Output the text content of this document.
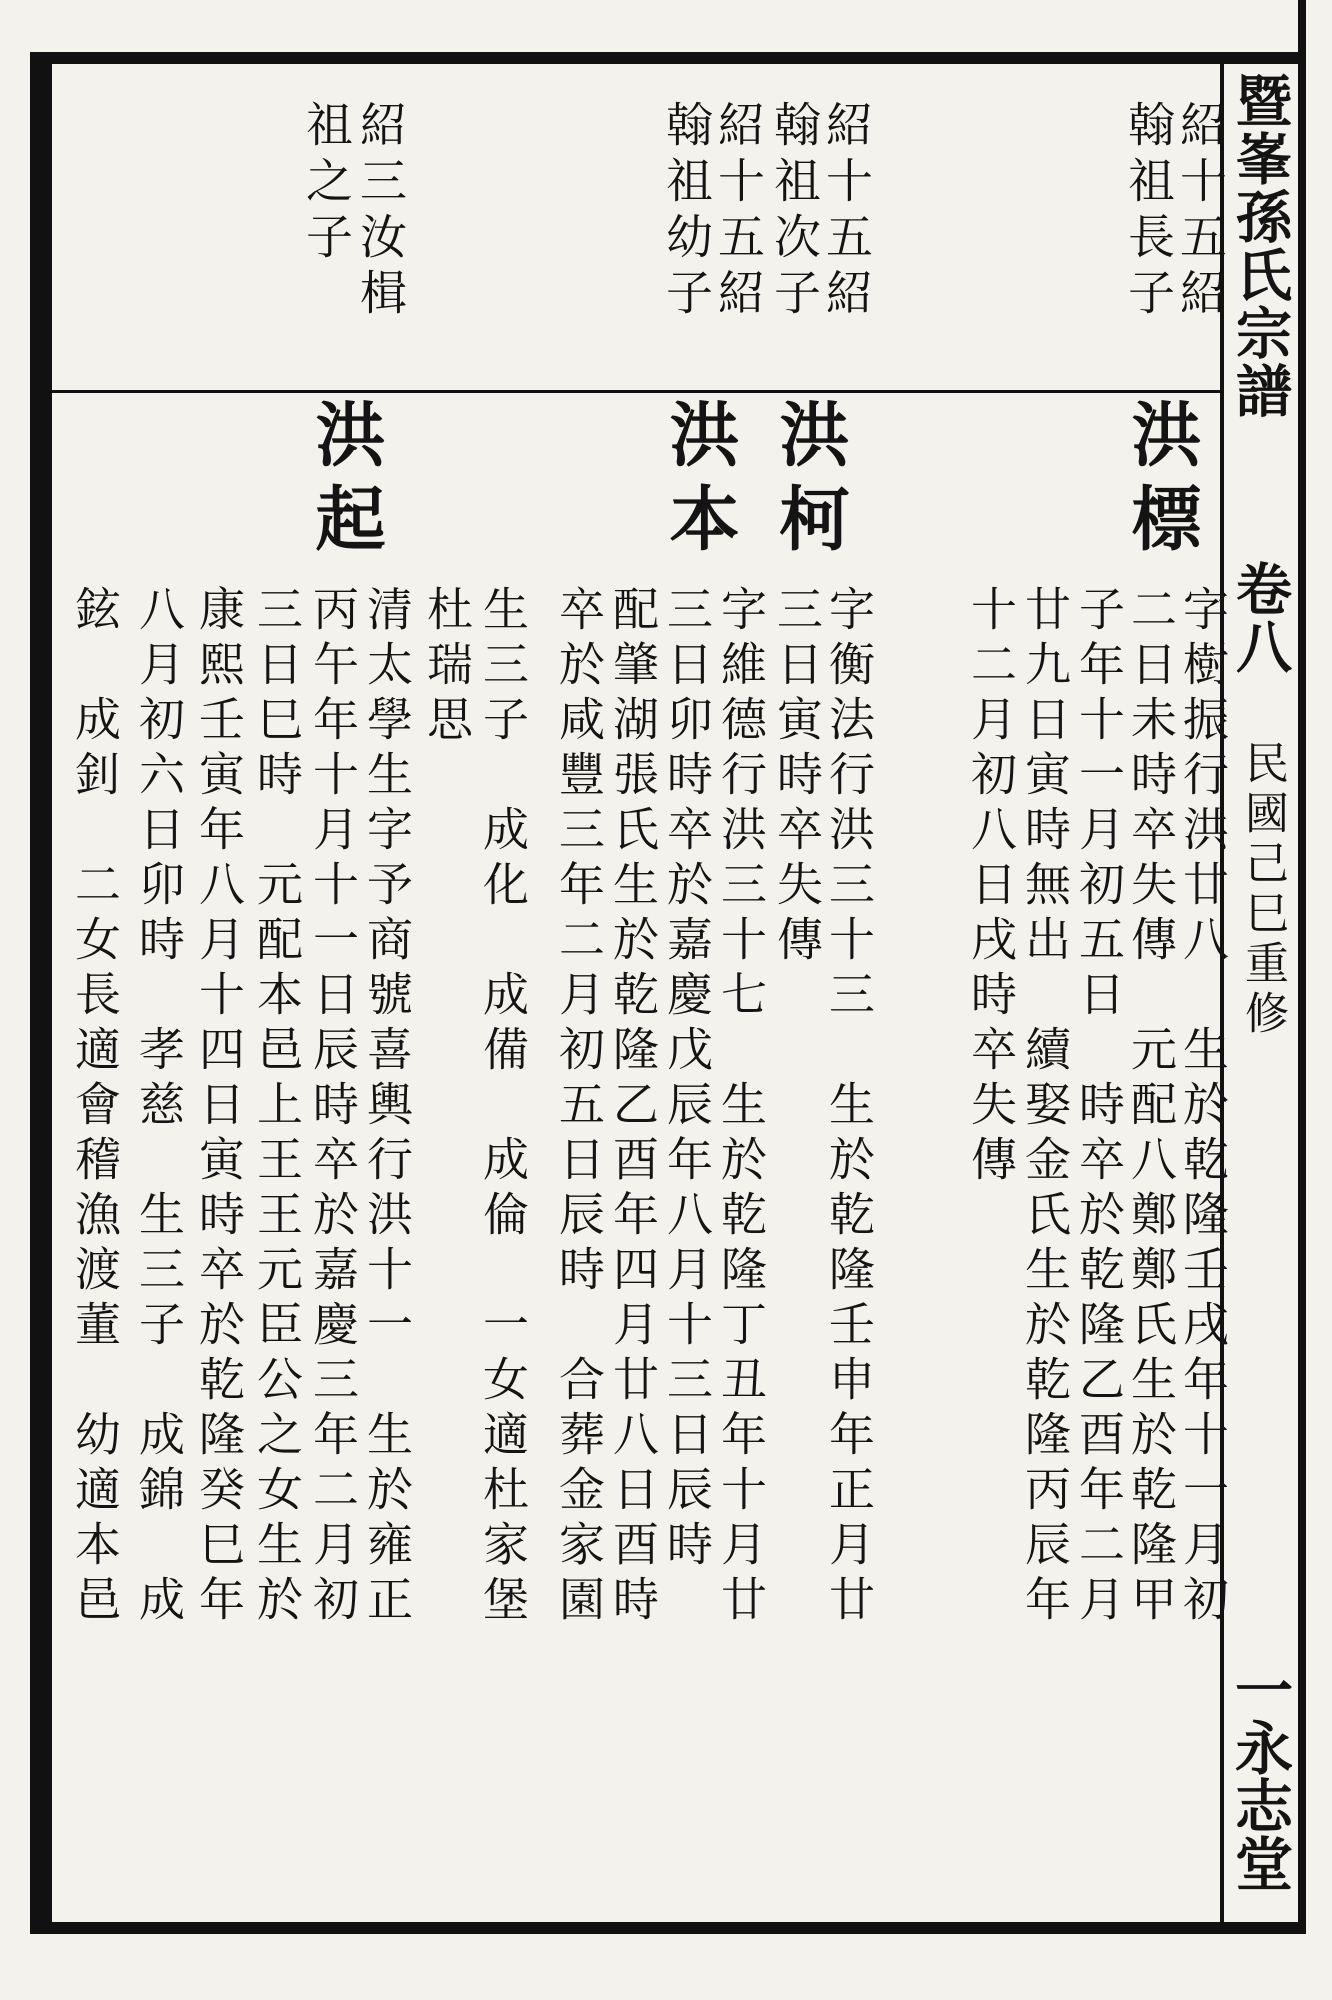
暨峯孫氏宗譜
卷八
民國己巳重修
一永志堂
紹十五紹
翰祖長子
紹十五紹
翰祖次子
紹十五紹
翰祖幼子
紹三汝楫
祖之子
洪標
洪柯
洪本
洪起
字樹振行洪廿八　生於乾隆壬戌年十一月初
二日未時卒失傳　元配八鄭鄭氏生於乾隆甲
子年十一月初五日　時卒於乾隆乙酉年二月
廿九日寅時無出　續娶金氏生於乾隆丙辰年
十二月初八日戌時卒失傳
字衡法行洪三十三　生於乾隆壬申年正月廿
三日寅時卒失傳
字維德行洪三十七　生於乾隆丁丑年十月廿
三日卯時卒於嘉慶戊辰年八月十三日辰時
配肇湖張氏生於乾隆乙酉年四月廿八日酉時
卒於咸豐三年二月初五日辰時　合葬金家園
生三子　成化　成備　成倫　一女適杜家堡
杜瑞思
清太學生字予商號喜輿行洪十一　生於雍正
丙午年十月十一日辰時卒於嘉慶三年二月初
三日巳時　元配本邑上王王元臣公之女生於
康熙壬寅年八月十四日寅時卒於乾隆癸巳年
八月初六日卯時　孝慈　生三子　成錦　成
鉉　成釗　二女長適會稽漁渡董　幼適本邑
